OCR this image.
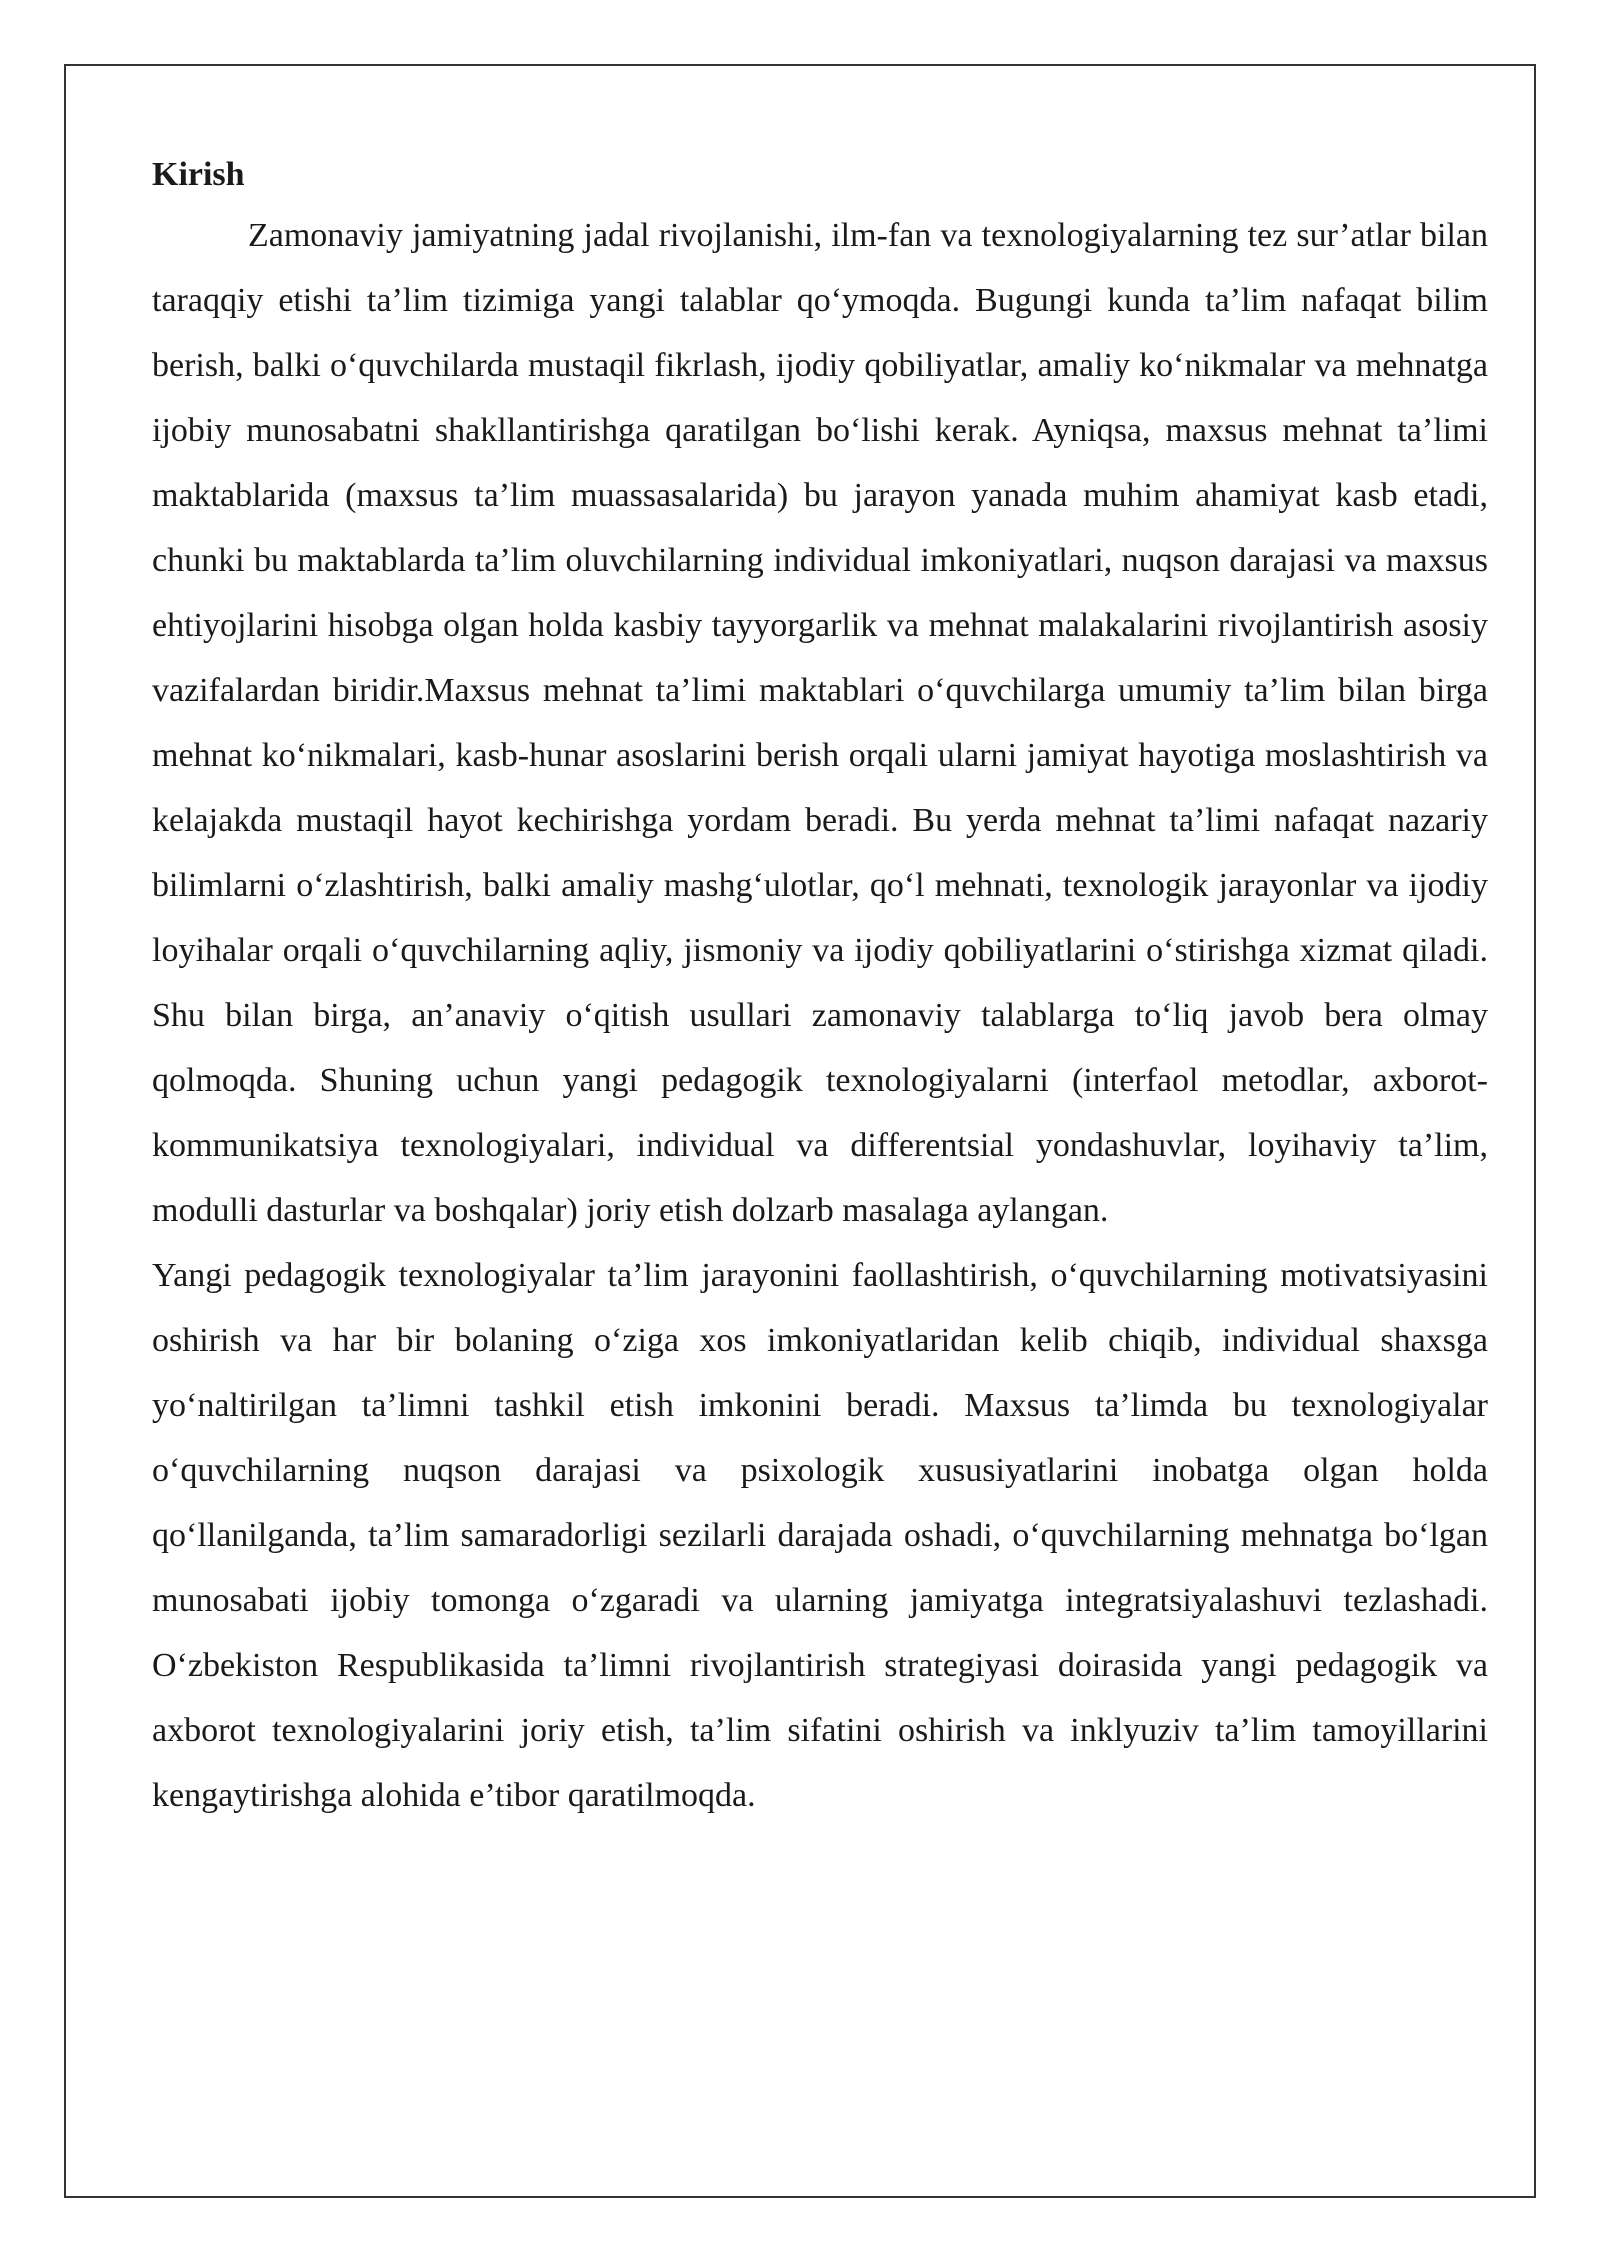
Kirish

Zamonaviy jamiyatning jadal rivojlanishi, ilm-fan va texnologiyalarning tez sur’atlar bilan taraqqiy etishi ta’lim tizimiga yangi talablar qo‘ymoqda. Bugungi kunda ta’lim nafaqat bilim berish, balki o‘quvchilarda mustaqil fikrlash, ijodiy qobiliyatlar, amaliy ko‘nikmalar va mehnatga ijobiy munosabatni shakllantirishga qaratilgan bo‘lishi kerak. Ayniqsa, maxsus mehnat ta’limi maktablarida (maxsus ta’lim muassasalarida) bu jarayon yanada muhim ahamiyat kasb etadi, chunki bu maktablarda ta’lim oluvchilarning individual imkoniyatlari, nuqson darajasi va maxsus ehtiyojlarini hisobga olgan holda kasbiy tayyorgarlik va mehnat malakalarini rivojlantirish asosiy vazifalardan biridir.Maxsus mehnat ta’limi maktablari o‘quvchilarga umumiy ta’lim bilan birga mehnat ko‘nikmalari, kasb-hunar asoslarini berish orqali ularni jamiyat hayotiga moslashtirish va kelajakda mustaqil hayot kechirishga yordam beradi. Bu yerda mehnat ta’limi nafaqat nazariy bilimlarni o‘zlashtirish, balki amaliy mashg‘ulotlar, qo‘l mehnati, texnologik jarayonlar va ijodiy loyihalar orqali o‘quvchilarning aqliy, jismoniy va ijodiy qobiliyatlarini o‘stirishga xizmat qiladi. Shu bilan birga, an’anaviy o‘qitish usullari zamonaviy talablarga to‘liq javob bera olmay qolmoqda. Shuning uchun yangi pedagogik texnologiyalarni (interfaol metodlar, axborot-kommunikatsiya texnologiyalari, individual va differentsial yondashuvlar, loyihaviy ta’lim, modulli dasturlar va boshqalar) joriy etish dolzarb masalaga aylangan.

Yangi pedagogik texnologiyalar ta’lim jarayonini faollashtirish, o‘quvchilarning motivatsiyasini oshirish va har bir bolaning o‘ziga xos imkoniyatlaridan kelib chiqib, individual shaxsga yo‘naltirilgan ta’limni tashkil etish imkonini beradi. Maxsus ta’limda bu texnologiyalar o‘quvchilarning nuqson darajasi va psixologik xususiyatlarini inobatga olgan holda qo‘llanilganda, ta’lim samaradorligi sezilarli darajada oshadi, o‘quvchilarning mehnatga bo‘lgan munosabati ijobiy tomonga o‘zgaradi va ularning jamiyatga integratsiyalashuvi tezlashadi. O‘zbekiston Respublikasida ta’limni rivojlantirish strategiyasi doirasida yangi pedagogik va axborot texnologiyalarini joriy etish, ta’lim sifatini oshirish va inklyuziv ta’lim tamoyillarini kengaytirishga alohida e’tibor qaratilmoqda.
